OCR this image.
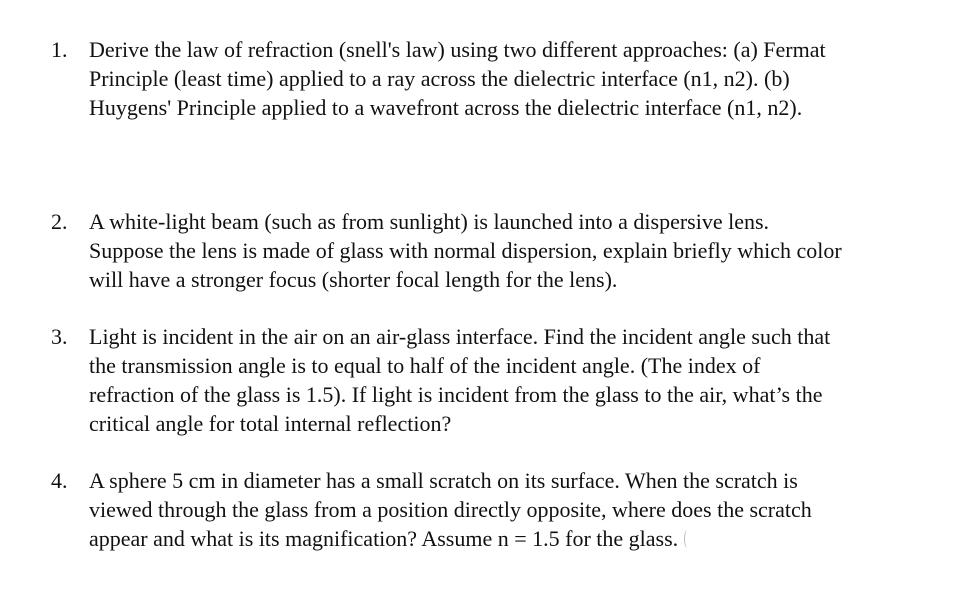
1. Derive the law of refraction (snell's law) using two different approaches: (a) Fermat
Principle (least time) applied to a ray across the dielectric interface (n1, n2). (b)
Huygens' Principle applied to a wavefront across the dielectric interface (n1, n2).
2. A white-light beam (such as from sunlight) is launched into a dispersive lens.
Suppose the lens is made of glass with normal dispersion, explain briefly which color
will have a stronger focus (shorter focal length for the lens).
3. Light is incident in the air on an air-glass interface. Find the incident angle such that
the transmission angle is to equal to half of the incident angle. (The index of
refraction of the glass is 1.5). If light is incident from the glass to the air, what’s the
critical angle for total internal reflection?
4. A sphere 5 cm in diameter has a small scratch on its surface. When the scratch is
viewed through the glass from a position directly opposite, where does the scratch
appear and what is its magnification? Assume n = 1.5 for the glass.
